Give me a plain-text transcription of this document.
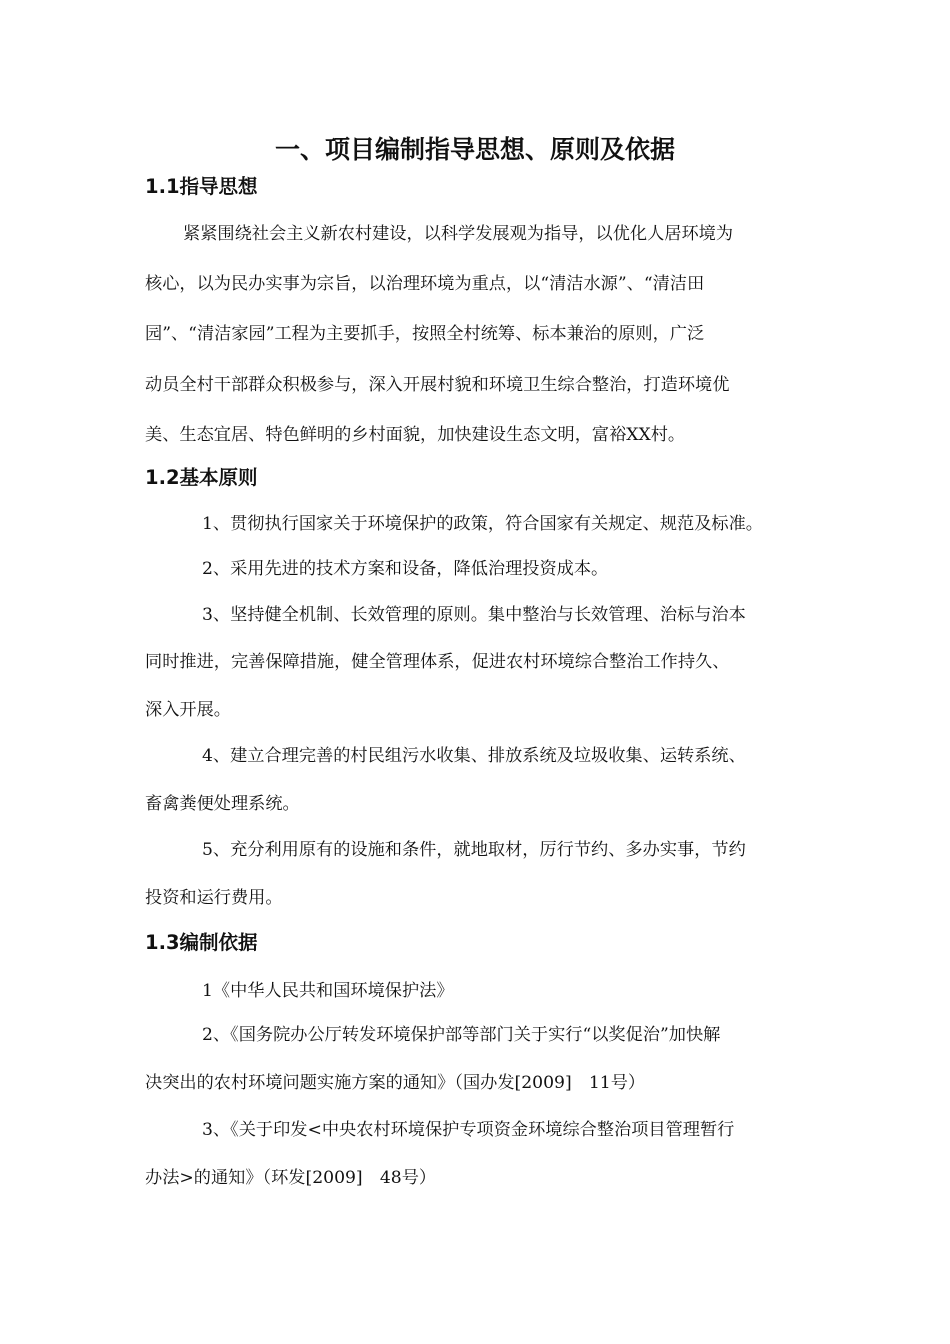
一、项目编制指导思想、原则及依据
1.1指导思想

紧紧围绕社会主义新农村建设，以科学发展观为指导，以优化人居环境为

核心，以为民办实事为宗旨，以治理环境为重点，以“清洁水源”、“清洁田

园”、“清洁家园”工程为主要抓手，按照全村统筹、标本兼治的原则，广泛

动员全村干部群众积极参与，深入开展村貌和环境卫生综合整治，打造环境优

美、生态宜居、特色鲜明的乡村面貌，加快建设生态文明，富裕XX村。

1.2基本原则

1、贯彻执行国家关于环境保护的政策，符合国家有关规定、规范及标准。

2、采用先进的技术方案和设备，降低治理投资成本。

3、坚持健全机制、长效管理的原则。集中整治与长效管理、治标与治本

同时推进，完善保障措施，健全管理体系，促进农村环境综合整治工作持久、

深入开展。

4、建立合理完善的村民组污水收集、排放系统及垃圾收集、运转系统、

畜禽粪便处理系统。

5、充分利用原有的设施和条件，就地取材，厉行节约、多办实事，节约

投资和运行费用。

1.3编制依据

1《中华人民共和国环境保护法》

2、《国务院办公厅转发环境保护部等部门关于实行“以奖促治”加快解

决突出的农村环境问题实施方案的通知》（国办发[2009]　11号）

3、《关于印发<中央农村环境保护专项资金环境综合整治项目管理暂行

办法>的通知》（环发[2009]　48号）
